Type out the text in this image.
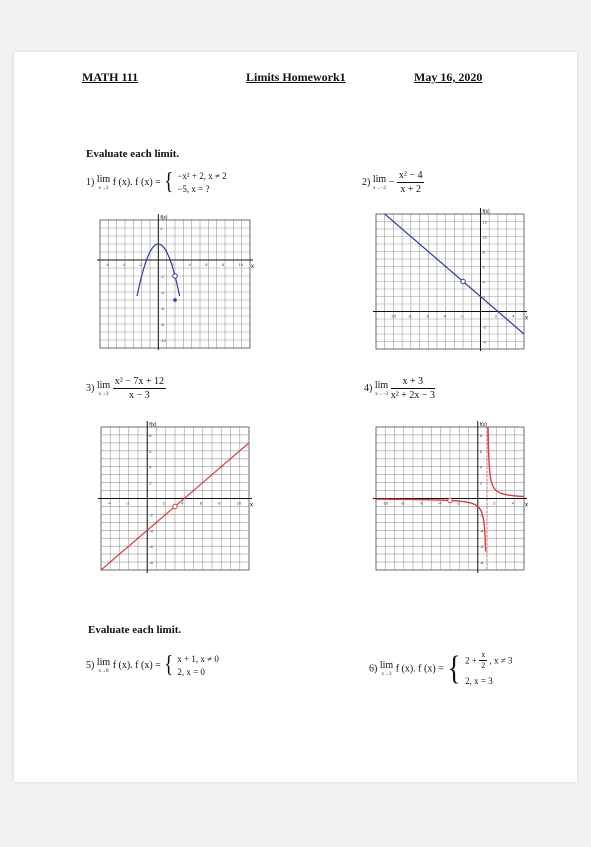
MATH 111	Limits Homework1	May 16, 2020
Evaluate each limit.
Evaluate each limit.
1) lim
x→2
f (x). f (x) = { −x² + 2, x ≠ 2
−5, x = ?
2) lim
x→−2
− $\frac{\text{x² − 4}}{x + 2}$
3) lim
x→3
$\frac{\text{x² − 7x + 12}}{x - 3}$	4) lim
x→−3
$\frac{x + 3}{\text{x² + 2x − 3}}$
5) lim
x→0
f (x). f (x) = { x + 1, x ≠ 0
2, x = 0	6) lim
x→3
f (x). f (x) = { $2 + \frac{x}{2}$ , x ≠ 3
2, x = 3
f(x)
x
-6	-4	-2	2	4	6	8	10
4
-2
-4
-6
-8
-10
f(x)
x
-10	-8	-6	-4	-2	2	4
12
10
8
6
4
2
-2
-4
f(x)
x
-4	-2	2	4	6	8	10
8
6
4
2
-2
-4
-6
-8
f(x)
x
-10	-8	-6	-4	-2	2	4
8
6
4
2
-2
-4
-6
-8
